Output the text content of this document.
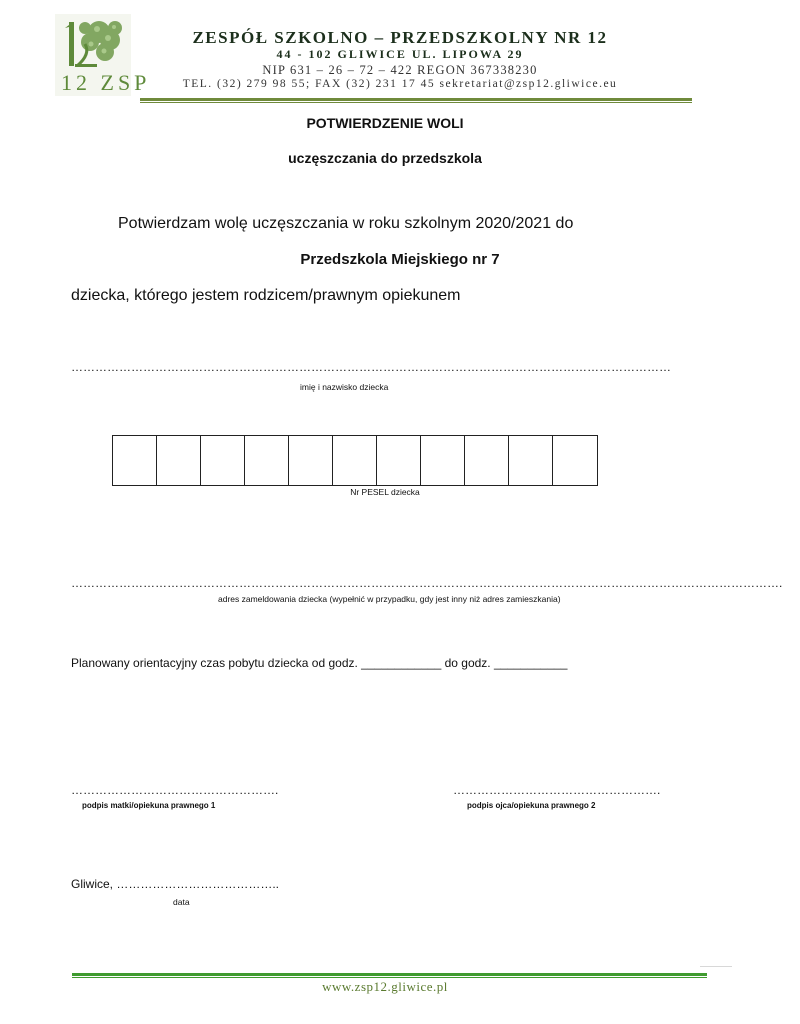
12 ZSP
ZESPÓŁ SZKOLNO – PRZEDSZKOLNY NR 12
44 - 102 GLIWICE UL. LIPOWA 29
NIP 631 – 26 – 72 – 422 REGON 367338230
TEL. (32) 279 98 55; FAX (32) 231 17 45 sekretariat@zsp12.gliwice.eu
POTWIERDZENIE WOLI
uczęszczania do przedszkola
Potwierdzam wolę uczęszczania w roku szkolnym 2020/2021 do
Przedszkola Miejskiego nr 7
dziecka, którego jestem rodzicem/prawnym opiekunem
……………………………………………………………………………………………………………………………………
imię i nazwisko dziecka
Nr PESEL dziecka
…………………………………………………………………………………………………………………………………………………………….
adres zameldowania dziecka (wypełnić w przypadku, gdy jest inny niż adres zamieszkania)
Planowany orientacyjny czas pobytu dziecka od godz. ____________ do godz. ___________
…………………………………………….
podpis matki/opiekuna prawnego 1
…………………………………………….
podpis ojca/opiekuna prawnego 2
Gliwice, …………………………………..
data
www.zsp12.gliwice.pl
